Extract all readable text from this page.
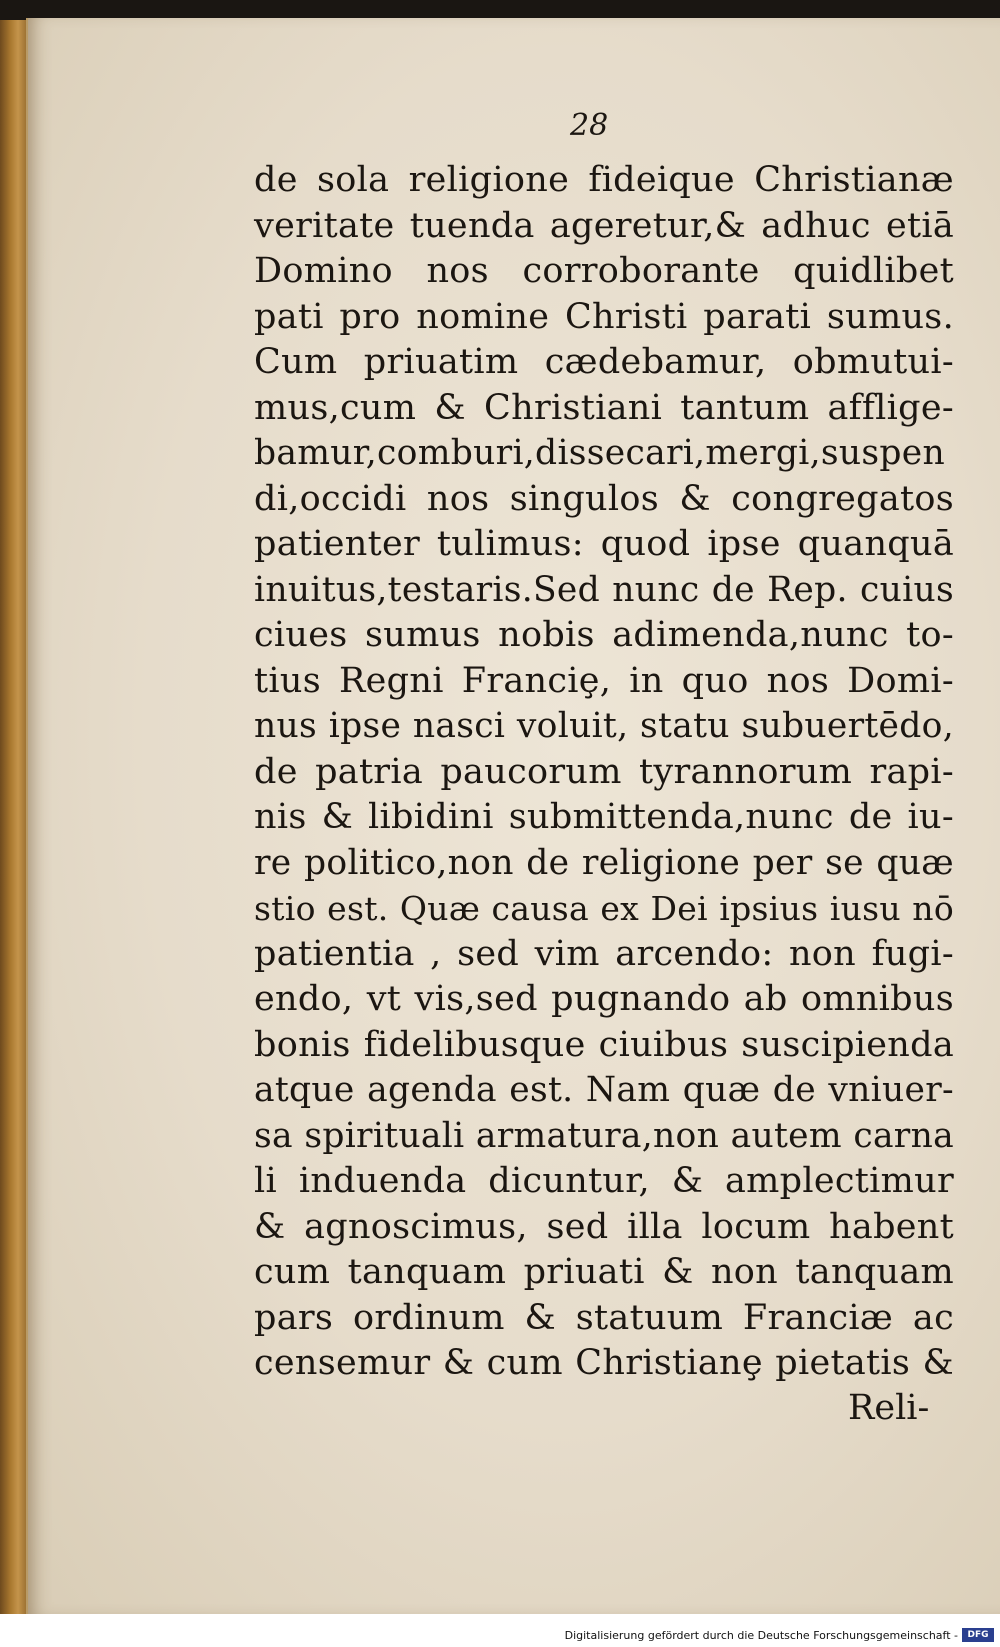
28
de sola religione fideique Christianæ
veritate tuenda ageretur,& adhuc etiā
Domino nos corroborante quidlibet
pati pro nomine Christi parati sumus.
Cum priuatim cædebamur, obmutui-
mus,cum & Christiani tantum afflige-
bamur,comburi,dissecari,mergi,suspen
di,occidi nos singulos & congregatos
patienter tulimus: quod ipse quanquā
inuitus,testaris.Sed nunc de Rep. cuius
ciues sumus nobis adimenda,nunc to-
tius Regni Franciȩ, in quo nos Domi-
nus ipse nasci voluit, statu subuertēdo,
de patria paucorum tyrannorum rapi-
nis & libidini submittenda,nunc de iu-
re politico,non de religione per se quæ
stio est. Quæ causa ex Dei ipsius iusu nō
patientia , sed vim arcendo: non fugi-
endo, vt vis,sed pugnando ab omnibus
bonis fidelibusque ciuibus suscipienda
atque agenda est. Nam quæ de vniuer-
sa spirituali armatura,non autem carna
li induenda dicuntur, & amplectimur
& agnoscimus, sed illa locum habent
cum tanquam priuati & non tanquam
pars ordinum & statuum Franciæ ac
censemur & cum Christianȩ pietatis &
Reli-
Digitalisierung gefördert durch die Deutsche Forschungsgemeinschaft -	DFG
